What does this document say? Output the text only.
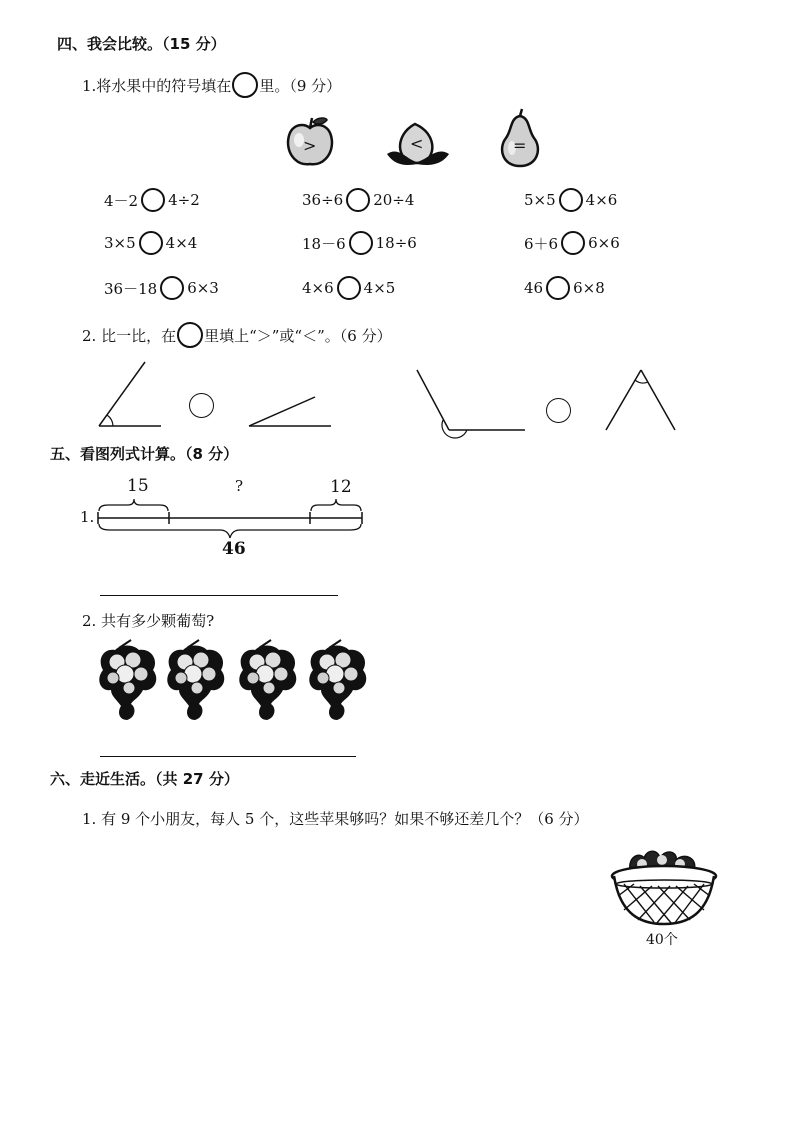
四、我会比较。（15 分）
1.将水果中的符号填在 里。（9 分）
>	<	=
4－2 4÷2	36÷6 20÷4	5×5 4×6
3×5 4×4	18－6 18÷6	6＋6 6×6
36－18 6×3	4×6 4×5	46 6×8
2. 比一比，在 里填上“＞”或“＜”。（6 分）
五、看图列式计算。（8 分）
1.
15	?	12
46
2. 共有多少颗葡萄?
六、走近生活。（共 27 分）
1. 有 9 个小朋友，每人 5 个，这些苹果够吗？如果不够还差几个？（6 分）
40个
